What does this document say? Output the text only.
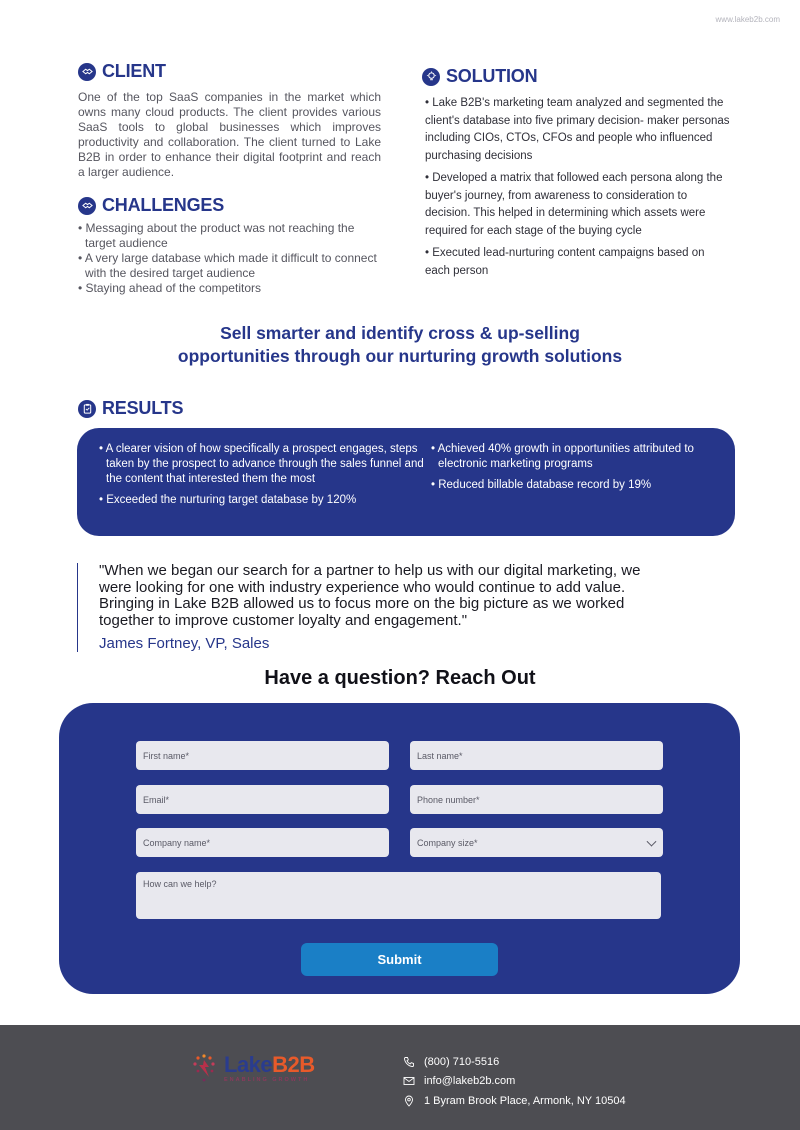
www.lakeb2b.com
CLIENT

One of the top SaaS companies in the market which owns many cloud products. The client provides various SaaS tools to global businesses which improves productivity and collaboration. The client turned to Lake B2B in order to enhance their digital footprint and reach a larger audience.

CHALLENGES
• Messaging about the product was not reaching the target audience
• A very large database which made it difficult to connect with the desired target audience
• Staying ahead of the competitors
SOLUTION
• Lake B2B's marketing team analyzed and segmented the client's database into five primary decision- maker personas including CIOs, CTOs, CFOs and people who influenced purchasing decisions
• Developed a matrix that followed each persona along the buyer's journey, from awareness to consideration to decision. This helped in determining which assets were required for each stage of the buying cycle
• Executed lead-nurturing content campaigns based on each person
Sell smarter and identify cross & up-selling
opportunities through our nurturing growth solutions
RESULTS
• A clearer vision of how specifically a prospect engages, steps taken by the prospect to advance through the sales funnel and the content that interested them the most
• Exceeded the nurturing target database by 120%
• Achieved 40% growth in opportunities attributed to electronic marketing programs
• Reduced billable database record by 19%
"When we began our search for a partner to help us with our digital marketing, we were looking for one with industry experience who would continue to add value. Bringing in Lake B2B allowed us to focus more on the big picture as we worked together to improve customer loyalty and engagement."
James Fortney, VP, Sales
Have a question? Reach Out
First name*	Last name*
Email*	Phone number*
Company name*	Company size*
How can we help?
Submit
LakeB2B
ENABLING GROWTH
(800) 710-5516
info@lakeb2b.com
1 Byram Brook Place, Armonk, NY 10504
